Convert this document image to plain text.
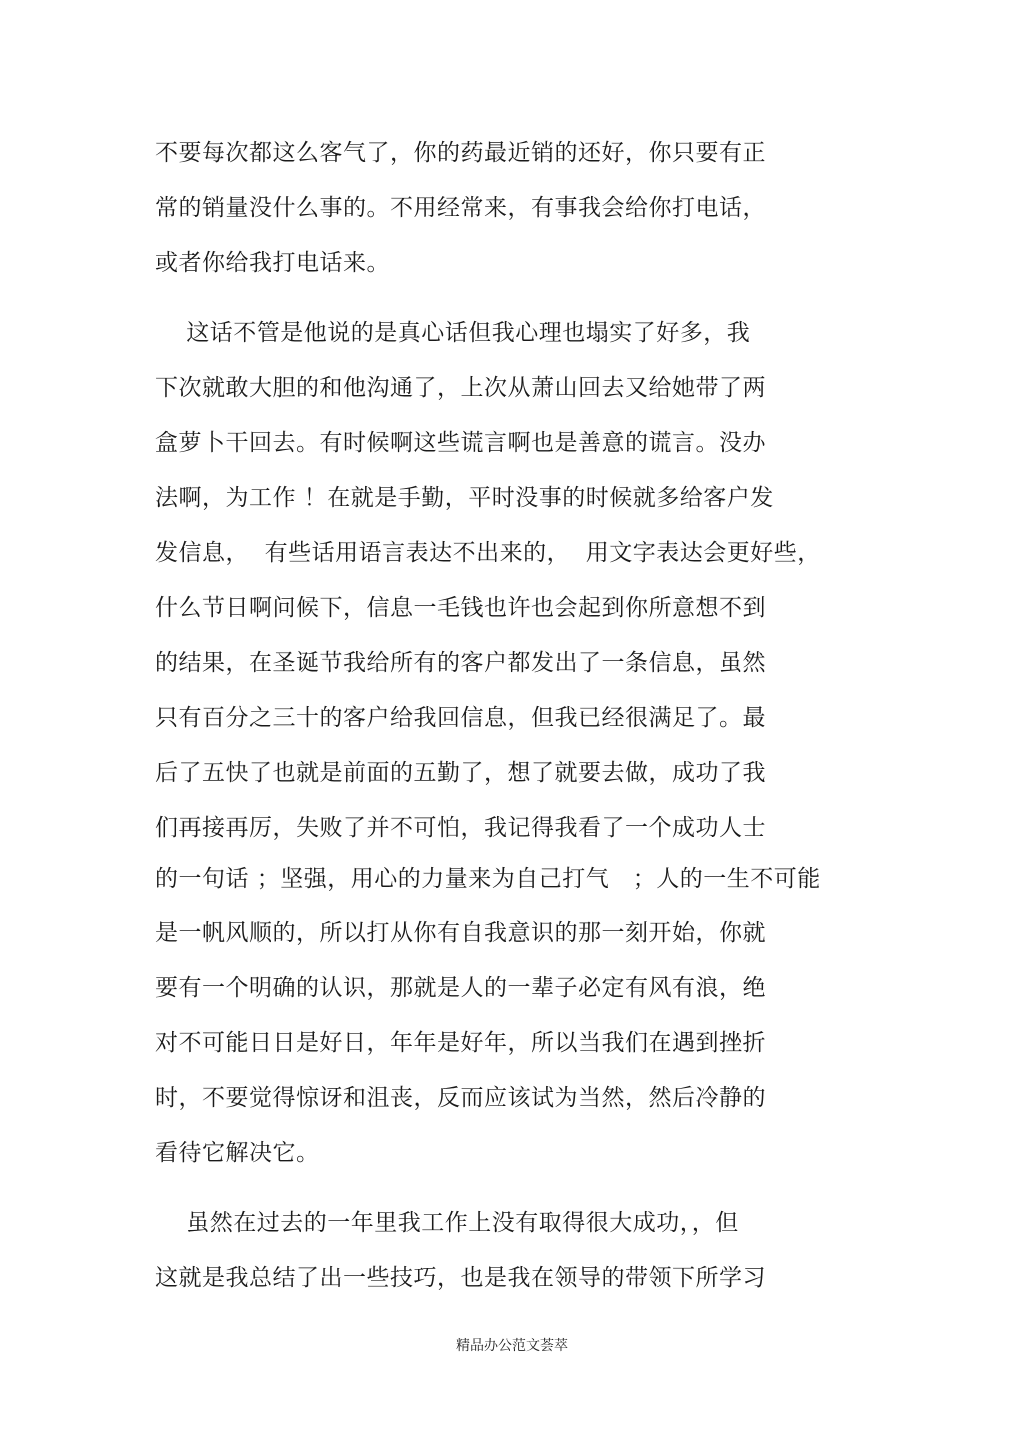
不要每次都这么客气了，你的药最近销的还好，你只要有正
常的销量没什么事的。不用经常来，有事我会给你打电话，
或者你给我打电话来。
这话不管是他说的是真心话但我心理也塌实了好多，我
下次就敢大胆的和他沟通了，上次从萧山回去又给她带了两
盒萝卜干回去。有时候啊这些谎言啊也是善意的谎言。没办
法啊，为工作 ！在就是手勤，平时没事的时候就多给客户发
发信息，  有些话用语言表达不出来的，  用文字表达会更好些，
什么节日啊问候下，信息一毛钱也许也会起到你所意想不到
的结果，在圣诞节我给所有的客户都发出了一条信息，虽然
只有百分之三十的客户给我回信息，但我已经很满足了。最
后了五快了也就是前面的五勤了，想了就要去做，成功了我
们再接再厉，失败了并不可怕，我记得我看了一个成功人士
的一句话 ；坚强，用心的力量来为自己打气   ；人的一生不可能
是一帆风顺的，所以打从你有自我意识的那一刻开始，你就
要有一个明确的认识，那就是人的一辈子必定有风有浪，绝
对不可能日日是好日，年年是好年，所以当我们在遇到挫折
时，不要觉得惊讶和沮丧，反而应该试为当然，然后冷静的
看待它解决它。
虽然在过去的一年里我工作上没有取得很大成功，，但
这就是我总结了出一些技巧，也是我在领导的带领下所学习
精品办公范文荟萃
